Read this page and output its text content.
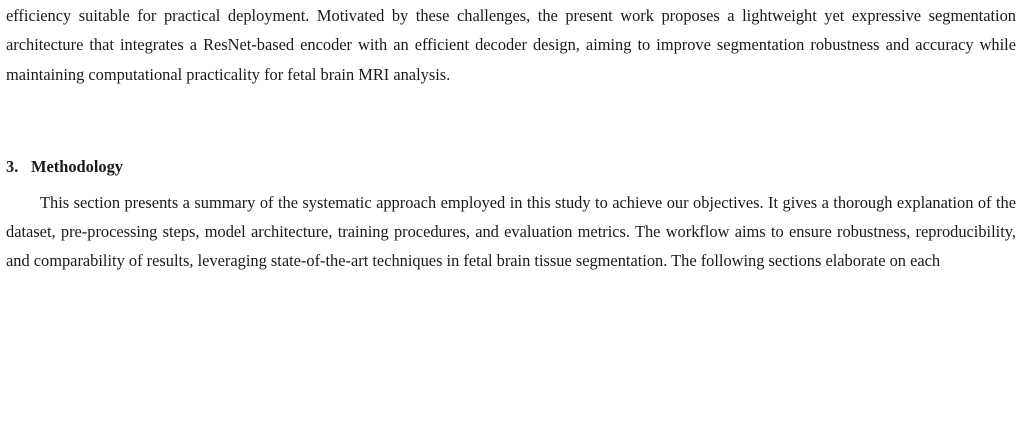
efficiency suitable for practical deployment. Motivated by these challenges, the present work proposes a lightweight yet expressive segmentation architecture that integrates a ResNet-based encoder with an efficient decoder design, aiming to improve segmentation robustness and accuracy while maintaining computational practicality for fetal brain MRI analysis.

3. Methodology

This section presents a summary of the systematic approach employed in this study to achieve our objectives. It gives a thorough explanation of the dataset, pre-processing steps, model architecture, training procedures, and evaluation metrics. The workflow aims to ensure robustness, reproducibility, and comparability of results, leveraging state-of-the-art techniques in fetal brain tissue segmentation. The following sections elaborate on each
